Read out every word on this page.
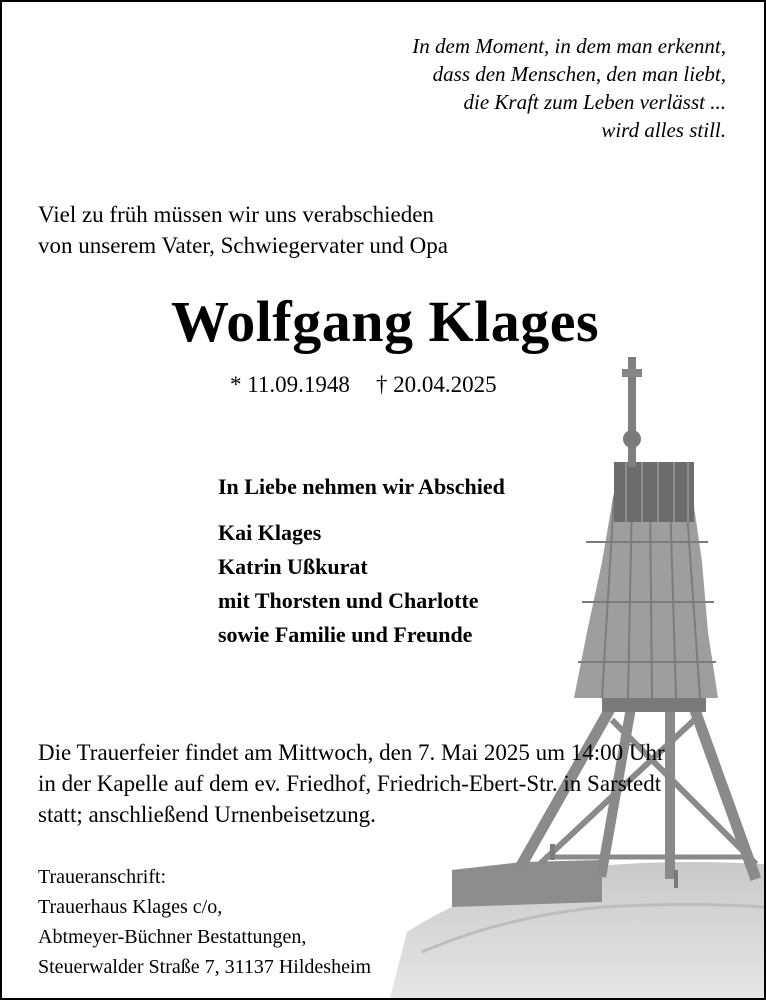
In dem Moment, in dem man erkennt,
dass den Menschen, den man liebt,
die Kraft zum Leben verlässt ...
wird alles still.
Viel zu früh müssen wir uns verabschieden
von unserem Vater, Schwiegervater und Opa
Wolfgang Klages
* 11.09.1948 † 20.04.2025
In Liebe nehmen wir Abschied
Kai Klages
Katrin Ußkurat
mit Thorsten und Charlotte
sowie Familie und Freunde
Die Trauerfeier findet am Mittwoch, den 7. Mai 2025 um 14:00 Uhr
in der Kapelle auf dem ev. Friedhof, Friedrich-Ebert-Str. in Sarstedt
statt; anschließend Urnenbeisetzung.
Traueranschrift:
Trauerhaus Klages c/o,
Abtmeyer-Büchner Bestattungen,
Steuerwalder Straße 7, 31137 Hildesheim
